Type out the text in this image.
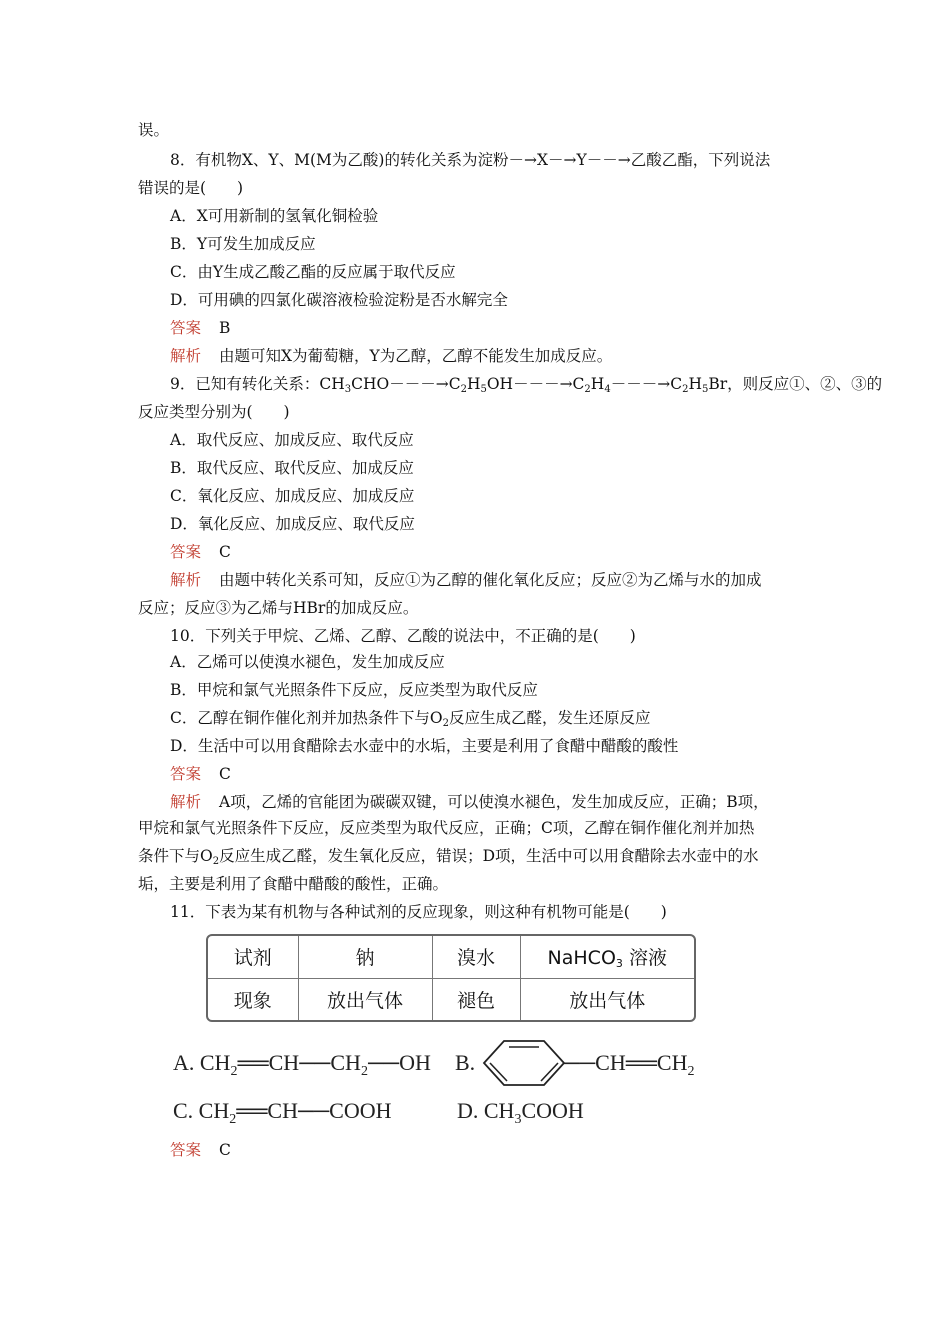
误。
8．有机物X、Y、M(M为乙酸)的转化关系为淀粉－→X－→Y－－→乙酸乙酯，下列说法
错误的是(　　)
A．X可用新制的氢氧化铜检验
B．Y可发生加成反应
C．由Y生成乙酸乙酯的反应属于取代反应
D．可用碘的四氯化碳溶液检验淀粉是否水解完全
答案 B
解析 由题可知X为葡萄糖，Y为乙醇，乙醇不能发生加成反应。
9．已知有转化关系：$CH_3CHO---\to C_2H_5OH---\to C_2H_4---\to C_2H_5Br$，则反应①、②、③的
反应类型分别为(　　)
A．取代反应、加成反应、取代反应
B．取代反应、取代反应、加成反应
C．氧化反应、加成反应、加成反应
D．氧化反应、加成反应、取代反应
答案 C
解析 由题中转化关系可知，反应①为乙醇的催化氧化反应；反应②为乙烯与水的加成
反应；反应③为乙烯与HBr的加成反应。
10．下列关于甲烷、乙烯、乙醇、乙酸的说法中，不正确的是(　　)
A．乙烯可以使溴水褪色，发生加成反应
B．甲烷和氯气光照条件下反应，反应类型为取代反应
C．乙醇在铜作催化剂并加热条件下与$O_2$反应生成乙醛，发生还原反应
D．生活中可以用食醋除去水壶中的水垢，主要是利用了食醋中醋酸的酸性
答案 C
解析 A项，乙烯的官能团为碳碳双键，可以使溴水褪色，发生加成反应，正确；B项，
甲烷和氯气光照条件下反应，反应类型为取代反应，正确；C项，乙醇在铜作催化剂并加热
条件下与$O_2$反应生成乙醛，发生氧化反应，错误；D项，生活中可以用食醋除去水壶中的水
垢，主要是利用了食醋中醋酸的酸性，正确。
11．下表为某有机物与各种试剂的反应现象，则这种有机物可能是(　　)
试剂	钠	溴水	NaHCO$_3$ 溶液
现象	放出气体	褪色	放出气体
A. $CH_2══CH──CH_2──OH$ B.	$──CH══CH_2$
C. $CH_2══CH──COOH$	D. $CH_3COOH$
答案 C
